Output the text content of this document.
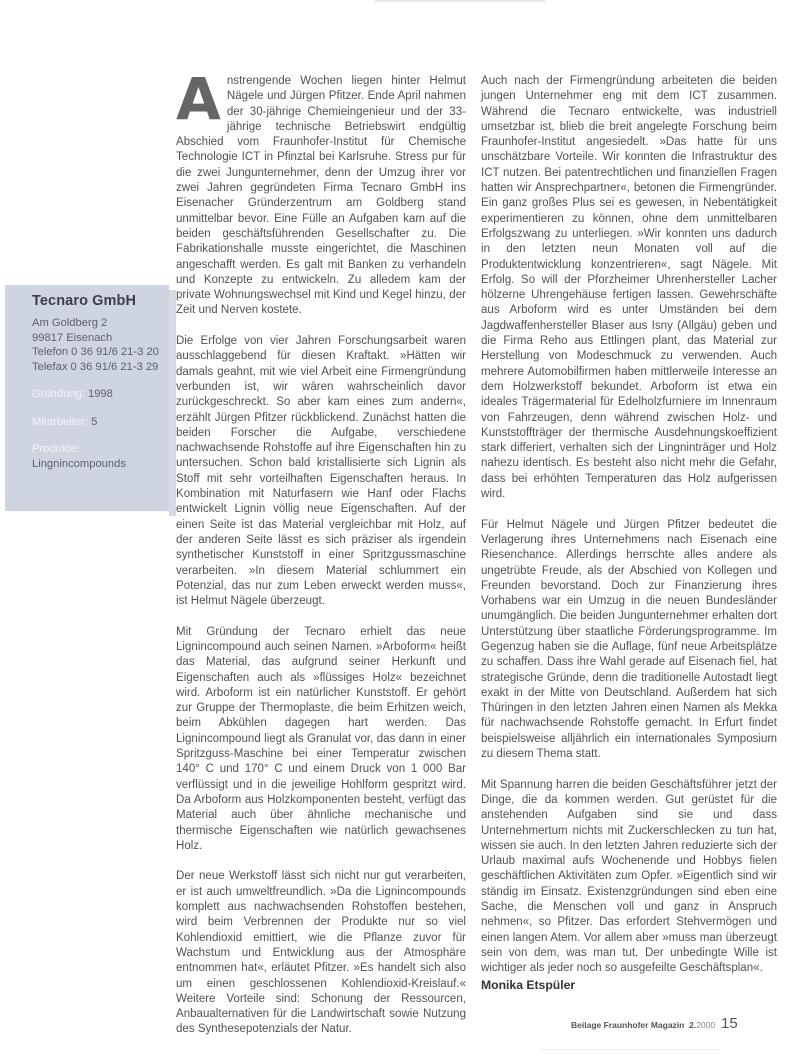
Tecnaro GmbH
Am Goldberg 2
99817 Eisenach
Telefon 0 36 91/6 21-3 20
Telefax 0 36 91/6 21-3 29
Gründung: 1998
Mitarbeiter: 5
Produkte:
Lingnincompounds

Anstrengende Wochen liegen hinter Helmut Nägele und Jürgen Pfitzer. Ende April nahmen der 30-jährige Chemieingenieur und der 33-jährige technische Betriebswirt endgültig Abschied vom Fraunhofer-Institut für Chemische Technologie ICT in Pfinztal bei Karlsruhe. Stress pur für die zwei Jungunternehmer, denn der Umzug ihrer vor zwei Jahren gegründeten Firma Tecnaro GmbH ins Eisenacher Gründerzentrum am Goldberg stand unmittelbar bevor. Eine Fülle an Aufgaben kam auf die beiden geschäftsführenden Gesellschafter zu. Die Fabrikationshalle musste eingerichtet, die Maschinen angeschafft werden. Es galt mit Banken zu verhandeln und Konzepte zu entwickeln. Zu alledem kam der private Wohnungswechsel mit Kind und Kegel hinzu, der Zeit und Nerven kostete.

Die Erfolge von vier Jahren Forschungsarbeit waren ausschlaggebend für diesen Kraftakt. »Hätten wir damals geahnt, mit wie viel Arbeit eine Firmengründung verbunden ist, wir wären wahrscheinlich davor zurückgeschreckt. So aber kam eines zum andern«, erzählt Jürgen Pfitzer rückblickend. Zunächst hatten die beiden Forscher die Aufgabe, verschiedene nachwachsende Rohstoffe auf ihre Eigenschaften hin zu untersuchen. Schon bald kristallisierte sich Lignin als Stoff mit sehr vorteilhaften Eigenschaften heraus. In Kombination mit Naturfasern wie Hanf oder Flachs entwickelt Lignin völlig neue Eigenschaften. Auf der einen Seite ist das Material vergleichbar mit Holz, auf der anderen Seite lässt es sich präziser als irgendein synthetischer Kunststoff in einer Spritzgussmaschine verarbeiten. »In diesem Material schlummert ein Potenzial, das nur zum Leben erweckt werden muss«, ist Helmut Nägele überzeugt.

Mit Gründung der Tecnaro erhielt das neue Lignincompound auch seinen Namen. »Arboform« heißt das Material, das aufgrund seiner Herkunft und Eigenschaften auch als »flüssiges Holz« bezeichnet wird. Arboform ist ein natürlicher Kunststoff. Er gehört zur Gruppe der Thermoplaste, die beim Erhitzen weich, beim Abkühlen dagegen hart werden. Das Lignincompound liegt als Granulat vor, das dann in einer Spritzguss-Maschine bei einer Temperatur zwischen 140° C und 170° C und einem Druck von 1 000 Bar verflüssigt und in die jeweilige Hohlform gespritzt wird. Da Arboform aus Holzkomponenten besteht, verfügt das Material auch über ähnliche mechanische und thermische Eigenschaften wie natürlich gewachsenes Holz.

Der neue Werkstoff lässt sich nicht nur gut verarbeiten, er ist auch umweltfreundlich. »Da die Lignincompounds komplett aus nachwachsenden Rohstoffen bestehen, wird beim Verbrennen der Produkte nur so viel Kohlendioxid emittiert, wie die Pflanze zuvor für Wachstum und Entwicklung aus der Atmosphäre entnommen hat«, erläutet Pfitzer. »Es handelt sich also um einen geschlossenen Kohlendioxid-Kreislauf.« Weitere Vorteile sind: Schonung der Ressourcen, Anbaualternativen für die Landwirtschaft sowie Nutzung des Synthesepotenzials der Natur.

Auch nach der Firmengründung arbeiteten die beiden jungen Unternehmer eng mit dem ICT zusammen. Während die Tecnaro entwickelte, was industriell umsetzbar ist, blieb die breit angelegte Forschung beim Fraunhofer-Institut angesiedelt. »Das hatte für uns unschätzbare Vorteile. Wir konnten die Infrastruktur des ICT nutzen. Bei patentrechtlichen und finanziellen Fragen hatten wir Ansprechpartner«, betonen die Firmengründer. Ein ganz großes Plus sei es gewesen, in Nebentätigkeit experimentieren zu können, ohne dem unmittelbaren Erfolgszwang zu unterliegen. »Wir konnten uns dadurch in den letzten neun Monaten voll auf die Produktentwicklung konzentrieren«, sagt Nägele. Mit Erfolg. So will der Pforzheimer Uhrenhersteller Lacher hölzerne Uhrengehäuse fertigen lassen. Gewehrschäfte aus Arboform wird es unter Umständen bei dem Jagdwaffenhersteller Blaser aus Isny (Allgäu) geben und die Firma Reho aus Ettlingen plant, das Material zur Herstellung von Modeschmuck zu verwenden. Auch mehrere Automobilfirmen haben mittlerweile Interesse an dem Holzwerkstoff bekundet. Arboform ist etwa ein ideales Trägermaterial für Edelholzfurniere im Innenraum von Fahrzeugen, denn während zwischen Holz- und Kunststoffträger der thermische Ausdehnungskoeffizient stark differiert, verhalten sich der Lingninträger und Holz nahezu identisch. Es besteht also nicht mehr die Gefahr, dass bei erhöhten Temperaturen das Holz aufgerissen wird.

Für Helmut Nägele und Jürgen Pfitzer bedeutet die Verlagerung ihres Unternehmens nach Eisenach eine Riesenchance. Allerdings herrschte alles andere als ungetrübte Freude, als der Abschied von Kollegen und Freunden bevorstand. Doch zur Finanzierung ihres Vorhabens war ein Umzug in die neuen Bundesländer unumgänglich. Die beiden Jungunternehmer erhalten dort Unterstützung über staatliche Förderungsprogramme. Im Gegenzug haben sie die Auflage, fünf neue Arbeitsplätze zu schaffen. Dass ihre Wahl gerade auf Eisenach fiel, hat strategische Gründe, denn die traditionelle Autostadt liegt exakt in der Mitte von Deutschland. Außerdem hat sich Thüringen in den letzten Jahren einen Namen als Mekka für nachwachsende Rohstoffe gemacht. In Erfurt findet beispielsweise alljährlich ein internationales Symposium zu diesem Thema statt.

Mit Spannung harren die beiden Geschäftsführer jetzt der Dinge, die da kommen werden. Gut gerüstet für die anstehenden Aufgaben sind sie und dass Unternehmertum nichts mit Zuckerschlecken zu tun hat, wissen sie auch. In den letzten Jahren reduzierte sich der Urlaub maximal aufs Wochenende und Hobbys fielen geschäftlichen Aktivitäten zum Opfer. »Eigentlich sind wir ständig im Einsatz. Existenzgründungen sind eben eine Sache, die Menschen voll und ganz in Anspruch nehmen«, so Pfitzer. Das erfordert Stehvermögen und einen langen Atem. Vor allem aber »muss man überzeugt sein von dem, was man tut. Der unbedingte Wille ist wichtiger als jeder noch so ausgefeilte Geschäftsplan«.

Monika Etspüler
Beilage Fraunhofer Magazin 2.2000 15
